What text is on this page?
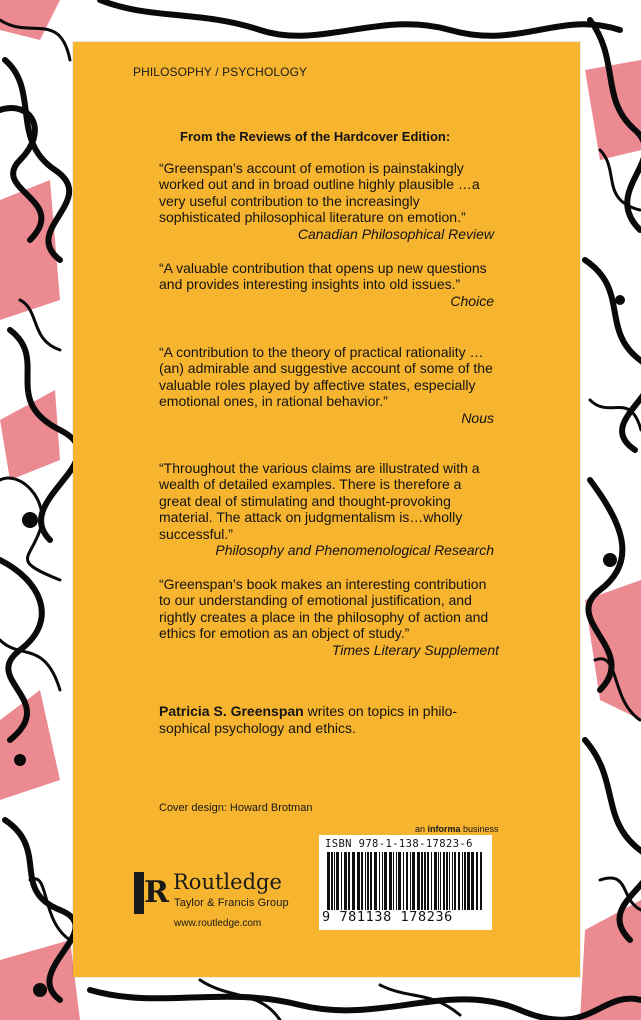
PHILOSOPHY / PSYCHOLOGY
From the Reviews of the Hardcover Edition:
“Greenspan’s account of emotion is painstakingly worked out and in broad outline highly plausible …a very useful contribution to the increasingly sophisticated philosophical literature on emotion.”
Canadian Philosophical Review
“A valuable contribution that opens up new questions and provides interesting insights into old issues.”
Choice
“A contribution to the theory of practical rationality …(an) admirable and suggestive account of some of the valuable roles played by affective states, especially emotional ones, in rational behavior.”
Nous
“Throughout the various claims are illustrated with a wealth of detailed examples. There is therefore a great deal of stimulating and thought-provoking material. The attack on judgmentalism is…wholly successful.”
Philosophy and Phenomenological Research
“Greenspan’s book makes an interesting contribution to our understanding of emotional justification, and rightly creates a place in the philosophy of action and ethics for emotion as an object of study.”
Times Literary Supplement
Patricia S. Greenspan writes on topics in philosophical psychology and ethics.
Cover design: Howard Brotman
an informa business
ISBN 978-1-138-17823-6
9 781138 178236
R Routledge
Taylor & Francis Group
www.routledge.com
